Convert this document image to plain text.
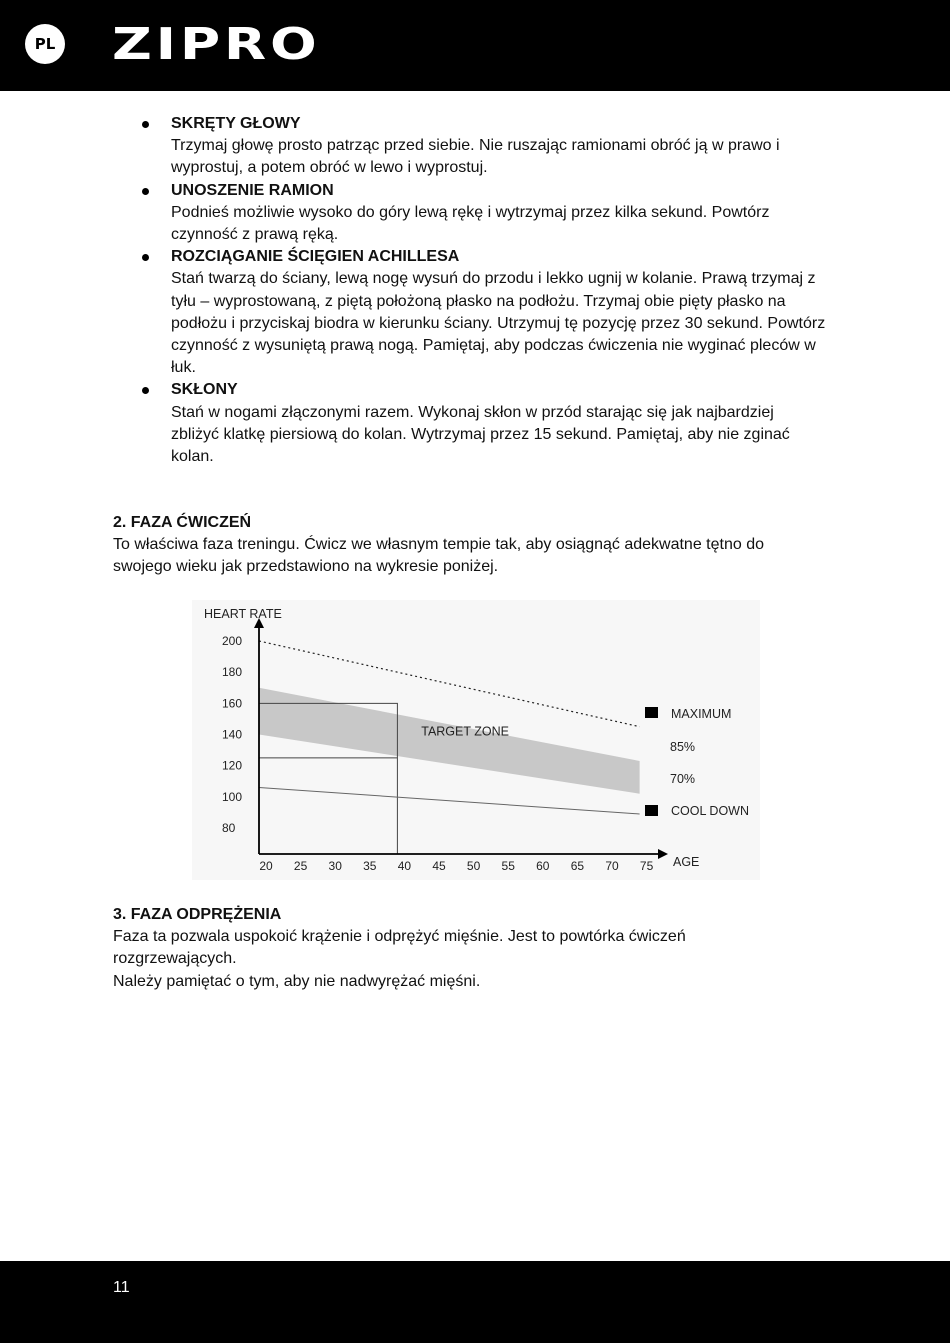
PL ZIPRO
SKRĘTY GŁOWY
Trzymaj głowę prosto patrząc przed siebie. Nie ruszając ramionami obróć ją w prawo i wyprostuj, a potem obróć w lewo i wyprostuj.
UNOSZENIE RAMION
Podnieś możliwie wysoko do góry lewą rękę i wytrzymaj przez kilka sekund. Powtórz czynność z prawą ręką.
ROZCIĄGANIE ŚCIĘGIEN ACHILLESA
Stań twarzą do ściany, lewą nogę wysuń do przodu i lekko ugnij w kolanie. Prawą trzymaj z tyłu – wyprostowaną, z piętą położoną płasko na podłożu. Trzymaj obie pięty płasko na podłożu i przyciskaj biodra w kierunku ściany. Utrzymuj tę pozycję przez 30 sekund. Powtórz czynność z wysuniętą prawą nogą. Pamiętaj, aby podczas ćwiczenia nie wyginać pleców w łuk.
SKŁONY
Stań w nogami złączonymi razem. Wykonaj skłon w przód starając się jak najbardziej zbliżyć klatkę piersiową do kolan. Wytrzymaj przez 15 sekund. Pamiętaj, aby nie zginać kolan.
2. FAZA ĆWICZEŃ
To właściwa faza treningu. Ćwicz we własnym tempie tak, aby osiągnąć adekwatne tętno do swojego wieku jak przedstawiono na wykresie poniżej.
HEART RATE
AGE
200
180
160
140
120
100
80
20 25 30 35 40 45 50 55 60 65 70 75
TARGET ZONE
MAXIMUM
85%
70%
COOL DOWN
3. FAZA ODPRĘŻENIA
Faza ta pozwala uspokoić krążenie i odprężyć mięśnie. Jest to powtórka ćwiczeń rozgrzewających.
Należy pamiętać o tym, aby nie nadwyrężać mięśni.
11
